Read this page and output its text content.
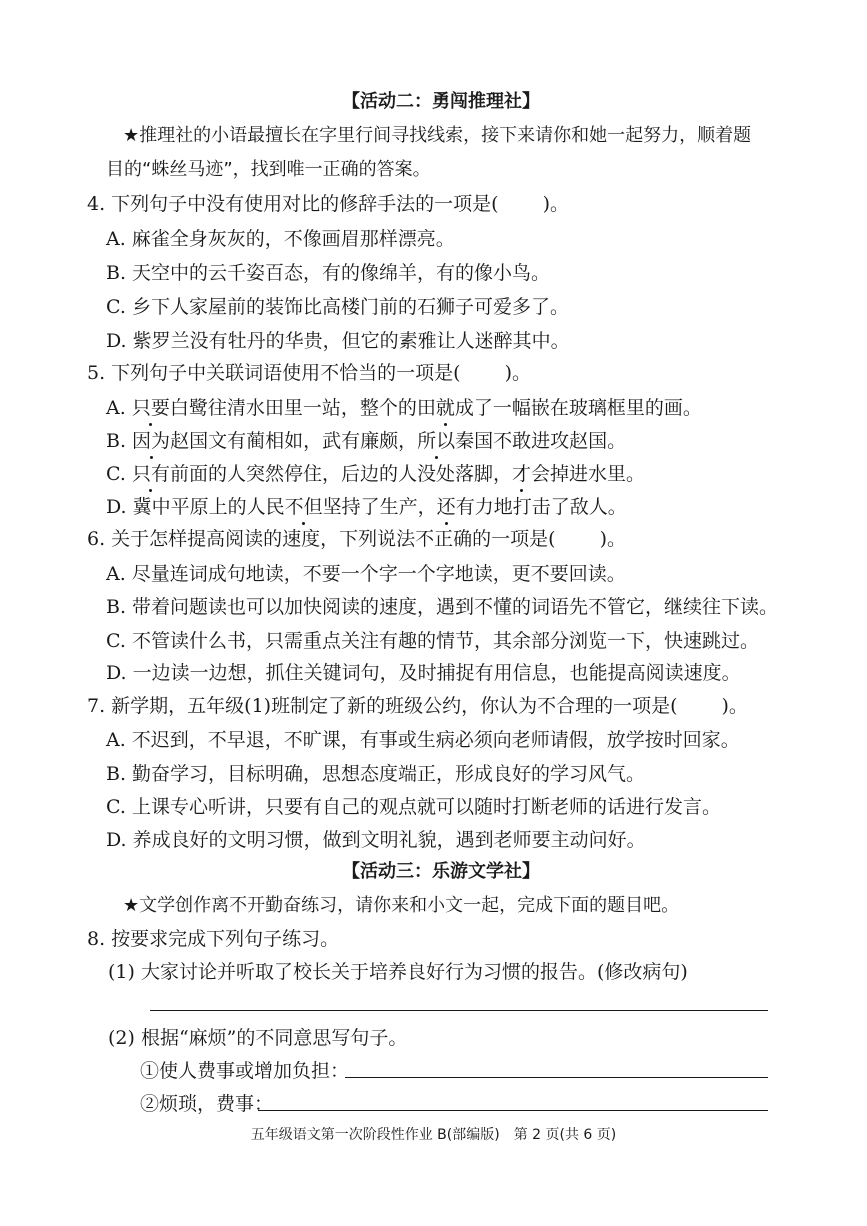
【活动二：勇闯推理社】
★推理社的小语最擅长在字里行间寻找线索，接下来请你和她一起努力，顺着题
目的“蛛丝马迹”，找到唯一正确的答案。
4. 下列句子中没有使用对比的修辞手法的一项是( )。
A. 麻雀全身灰灰的，不像画眉那样漂亮。
B. 天空中的云千姿百态，有的像绵羊，有的像小鸟。
C. 乡下人家屋前的装饰比高楼门前的石狮子可爱多了。
D. 紫罗兰没有牡丹的华贵，但它的素雅让人迷醉其中。
5. 下列句子中关联词语使用不恰当的一项是( )。
A. 只要白鹭往清水田里一站，整个的田就成了一幅嵌在玻璃框里的画。
B. 因为赵国文有蔺相如，武有廉颇，所以秦国不敢进攻赵国。
C. 只有前面的人突然停住，后边的人没处落脚，才会掉进水里。
D. 冀中平原上的人民不但坚持了生产，还有力地打击了敌人。
6. 关于怎样提高阅读的速度，下列说法不正确的一项是( )。
A. 尽量连词成句地读，不要一个字一个字地读，更不要回读。
B. 带着问题读也可以加快阅读的速度，遇到不懂的词语先不管它，继续往下读。
C. 不管读什么书，只需重点关注有趣的情节，其余部分浏览一下，快速跳过。
D. 一边读一边想，抓住关键词句，及时捕捉有用信息，也能提高阅读速度。
7. 新学期，五年级(1)班制定了新的班级公约，你认为不合理的一项是( )。
A. 不迟到，不早退，不旷课，有事或生病必须向老师请假，放学按时回家。
B. 勤奋学习，目标明确，思想态度端正，形成良好的学习风气。
C. 上课专心听讲，只要有自己的观点就可以随时打断老师的话进行发言。
D. 养成良好的文明习惯，做到文明礼貌，遇到老师要主动问好。
【活动三：乐游文学社】
★文学创作离不开勤奋练习，请你来和小文一起，完成下面的题目吧。
8. 按要求完成下列句子练习。
(1) 大家讨论并听取了校长关于培养良好行为习惯的报告。(修改病句)
(2) 根据“麻烦”的不同意思写句子。
①使人费事或增加负担：
②烦琐，费事：
五年级语文第一次阶段性作业 B(部编版)　第 2 页(共 6 页)
